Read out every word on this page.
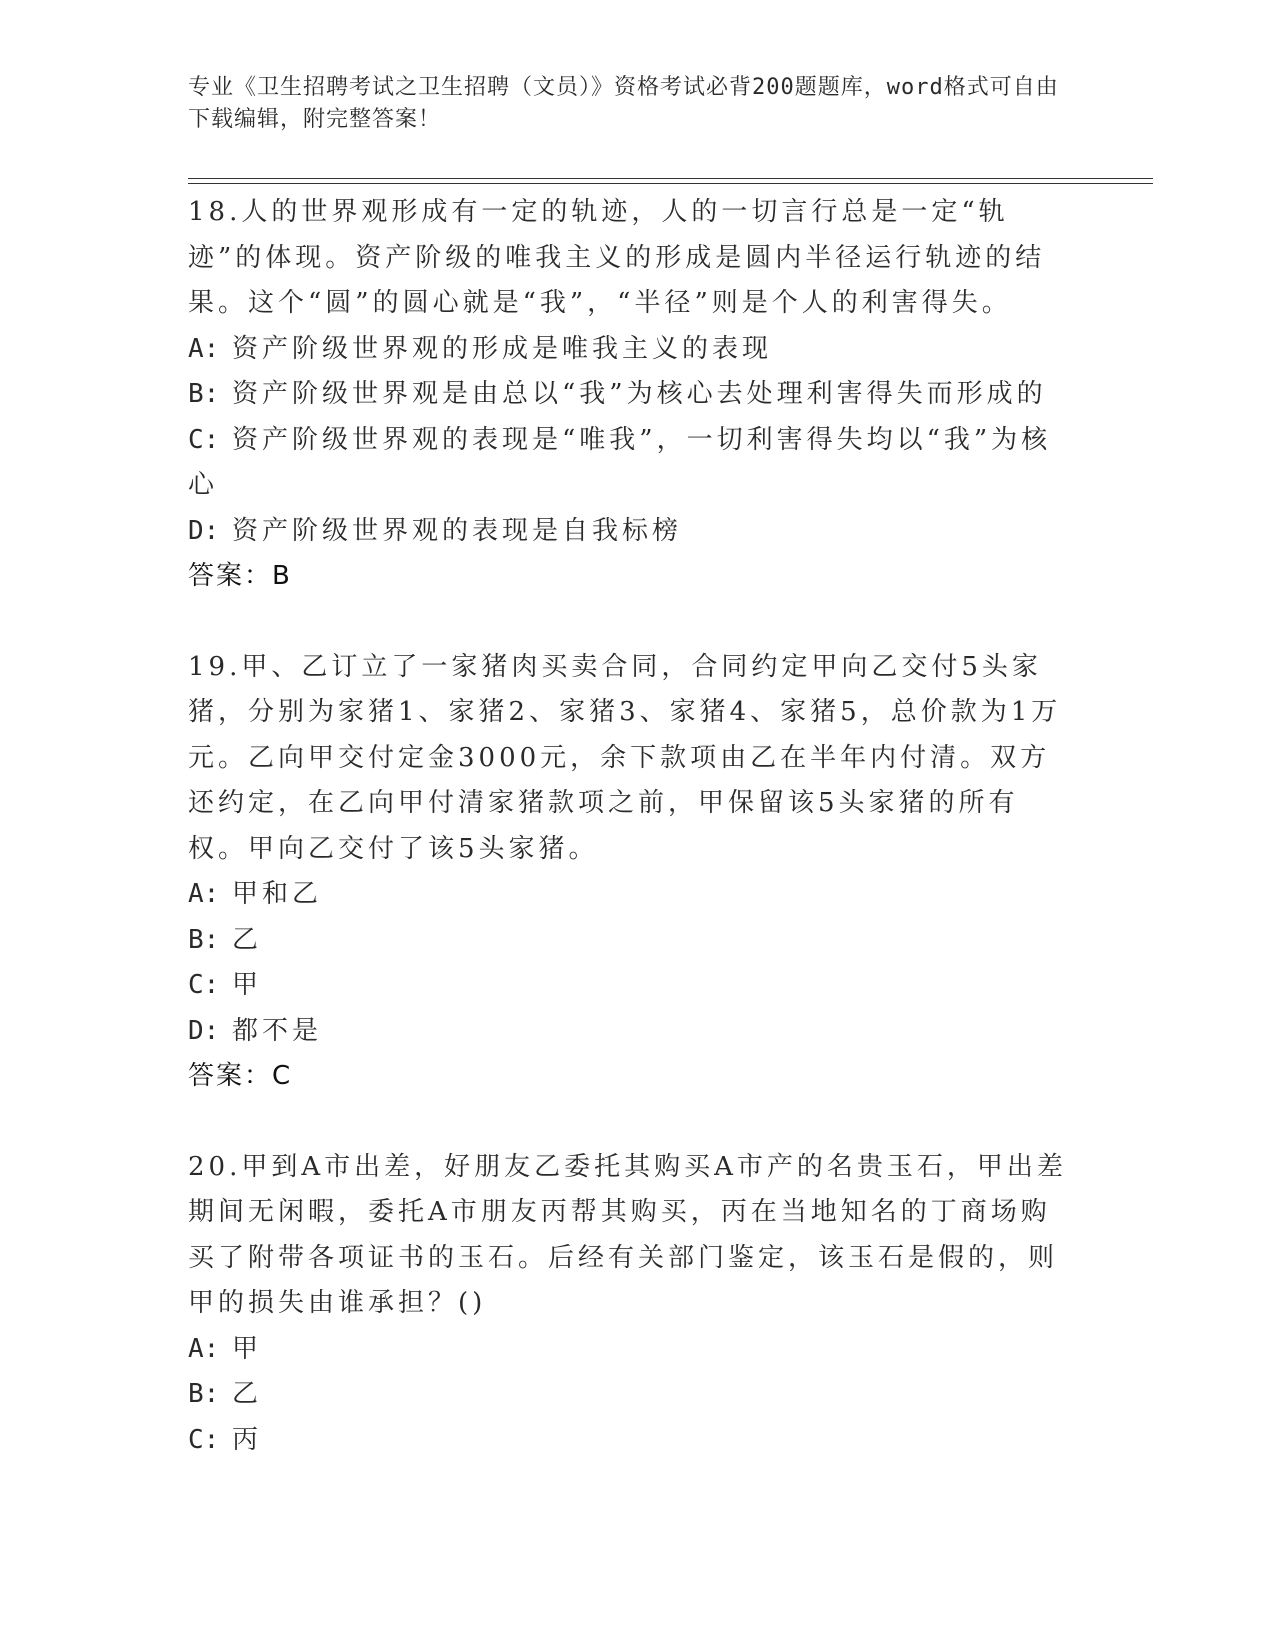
专业《卫生招聘考试之卫生招聘（文员）》资格考试必背200题题库，word格式可自由下载编辑，附完整答案！

18.人的世界观形成有一定的轨迹，人的一切言行总是一定“轨迹”的体现。资产阶级的唯我主义的形成是圆内半径运行轨迹的结果。这个“圆”的圆心就是“我”，“半径”则是个人的利害得失。

A: 资产阶级世界观的形成是唯我主义的表现

B: 资产阶级世界观是由总以“我”为核心去处理利害得失而形成的

C: 资产阶级世界观的表现是“唯我”，一切利害得失均以“我”为核心

D: 资产阶级世界观的表现是自我标榜

答案：B

19.甲、乙订立了一家猪肉买卖合同，合同约定甲向乙交付5头家猪，分别为家猪1、家猪2、家猪3、家猪4、家猪5，总价款为1万元。乙向甲交付定金3000元，余下款项由乙在半年内付清。双方还约定，在乙向甲付清家猪款项之前，甲保留该5头家猪的所有权。甲向乙交付了该5头家猪。

A: 甲和乙

B: 乙

C: 甲

D: 都不是

答案：C

20.甲到A市出差，好朋友乙委托其购买A市产的名贵玉石，甲出差期间无闲暇，委托A市朋友丙帮其购买，丙在当地知名的丁商场购买了附带各项证书的玉石。后经有关部门鉴定，该玉石是假的，则甲的损失由谁承担？()

A: 甲

B: 乙

C: 丙
